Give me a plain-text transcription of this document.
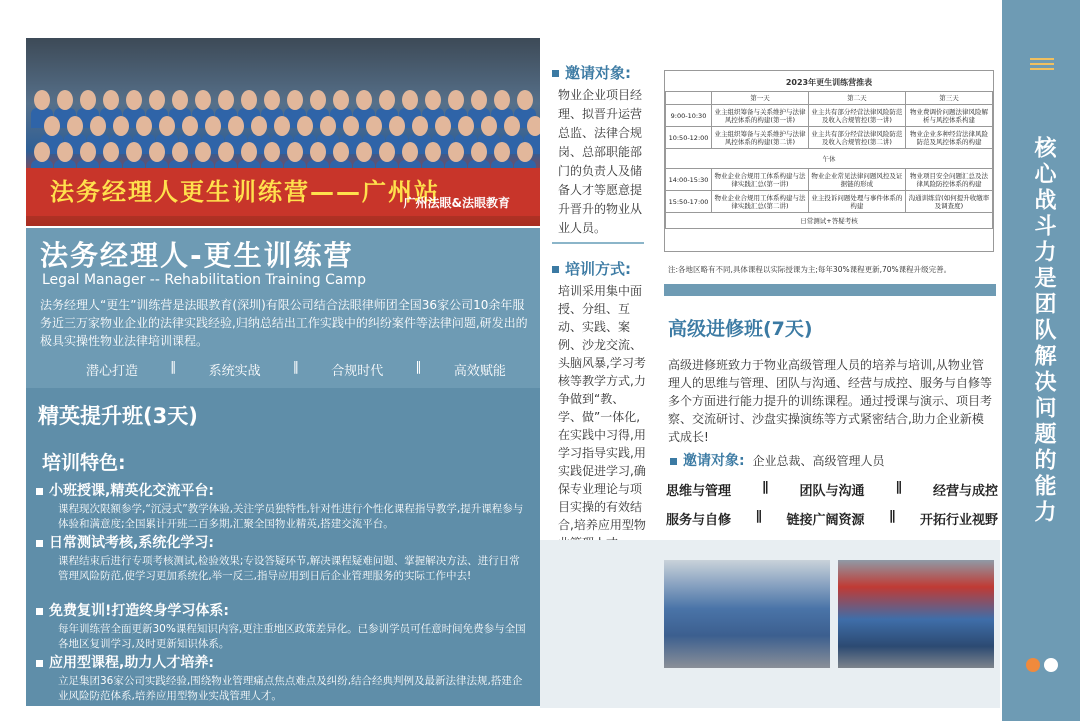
法务经理人更生训练营——广州站
广州法眼&法眼教育
法务经理人-更生训练营
Legal Manager -- Rehabilitation Training Camp
法务经理人“更生”训练营是法眼教育(深圳)有限公司结合法眼律师团全国36家公司10余年服务近三万家物业企业的法律实践经验,归纳总结出工作实践中的纠纷案件等法律问题,研发出的极具实操性物业法律培训课程。
潜心打造 ∥ 系统实战 ∥ 合规时代 ∥ 高效赋能
精英提升班(3天)
培训特色:
小班授课,精英化交流平台:
课程现次限额参学,“沉浸式”教学体验,关注学员独特性,针对性进行个性化课程指导教学,提升课程参与体验和满意度;全国累计开班二百多期,汇聚全国物业精英,搭建交流平台。
日常测试考核,系统化学习:
课程结束后进行专项考核测试,检验效果;专设答疑环节,解决课程疑难问题、掌握解决方法、进行日常管理风险防范,使学习更加系统化,举一反三,指导应用到日后企业管理服务的实际工作中去!
免费复训!打造终身学习体系:
每年训练营全面更新30%课程知识内容,更注重地区政策差异化。已参训学员可任意时间免费参与全国各地区复训学习,及时更新知识体系。
应用型课程,助力人才培养:
立足集团36家公司实践经验,围绕物业管理痛点焦点难点及纠纷,结合经典判例及最新法律法规,搭建企业风险防范体系,培养应用型物业实战管理人才。
邀请对象:
物业企业项目经理、拟晋升运营总监、法律合规岗、总部职能部门的负责人及储备人才等愿意提升晋升的物业从业人员。
培训方式:
培训采用集中面授、分组、互动、实践、案例、沙龙交流、头脑风暴,学习考核等教学方式,力争做到“教、学、做”一体化,在实践中习得,用学习指导实践,用实践促进学习,确保专业理论与项目实操的有效结合,培养应用型物
2023年更生训练营推表
	第一天	第二天	第三天
9:00-10:30	业主组织筹备与关系维护与法律风控体系的构建(第一讲)	业主共有部分经营法律风险防范及收入合规管控(第一讲)	物业费调价问题法律风险解析与风控体系构建
10:50-12:00	业主组织筹备与关系维护与法律风控体系的构建(第二讲)	业主共有部分经营法律风险防范及收入合规管控(第二讲)	物业企业多种经营法律风险防范及风控体系的构建
午休			
14:00-15:30	物业企业合规用工体系构建与法律实践汇总(第一讲)	物业企业常见法律问题风控及证据链的形成	物业项目安全问题汇总及法律风险防控体系的构建
15:50-17:00	物业企业合规用工体系构建与法律实践汇总(第二讲)	业主投诉问题处理与事件体系的构建	沟通训练营(如何提升收缴率及调查度)
日常测试+答疑考核			
注:各地区略有不同,具体课程以实际授课为主;每年30%课程更新,70%课程升级完善。
高级进修班(7天)
高级进修班致力于物业高级管理人员的培养与培训,从物业管理人的思维与管理、团队与沟通、经营与成控、服务与自修等多个方面进行能力提升的训练课程。通过授课与演示、项目考察、交流研讨、沙盘实操演练等方式紧密结合,助力企业新模式成长!
邀请对象: 企业总裁、高级管理人员
思维与管理 ∥ 团队与沟通 ∥ 经营与成控
服务与自修 ∥ 链接广阔资源 ∥ 开拓行业视野 核心战斗力是团队解决问题的能力
